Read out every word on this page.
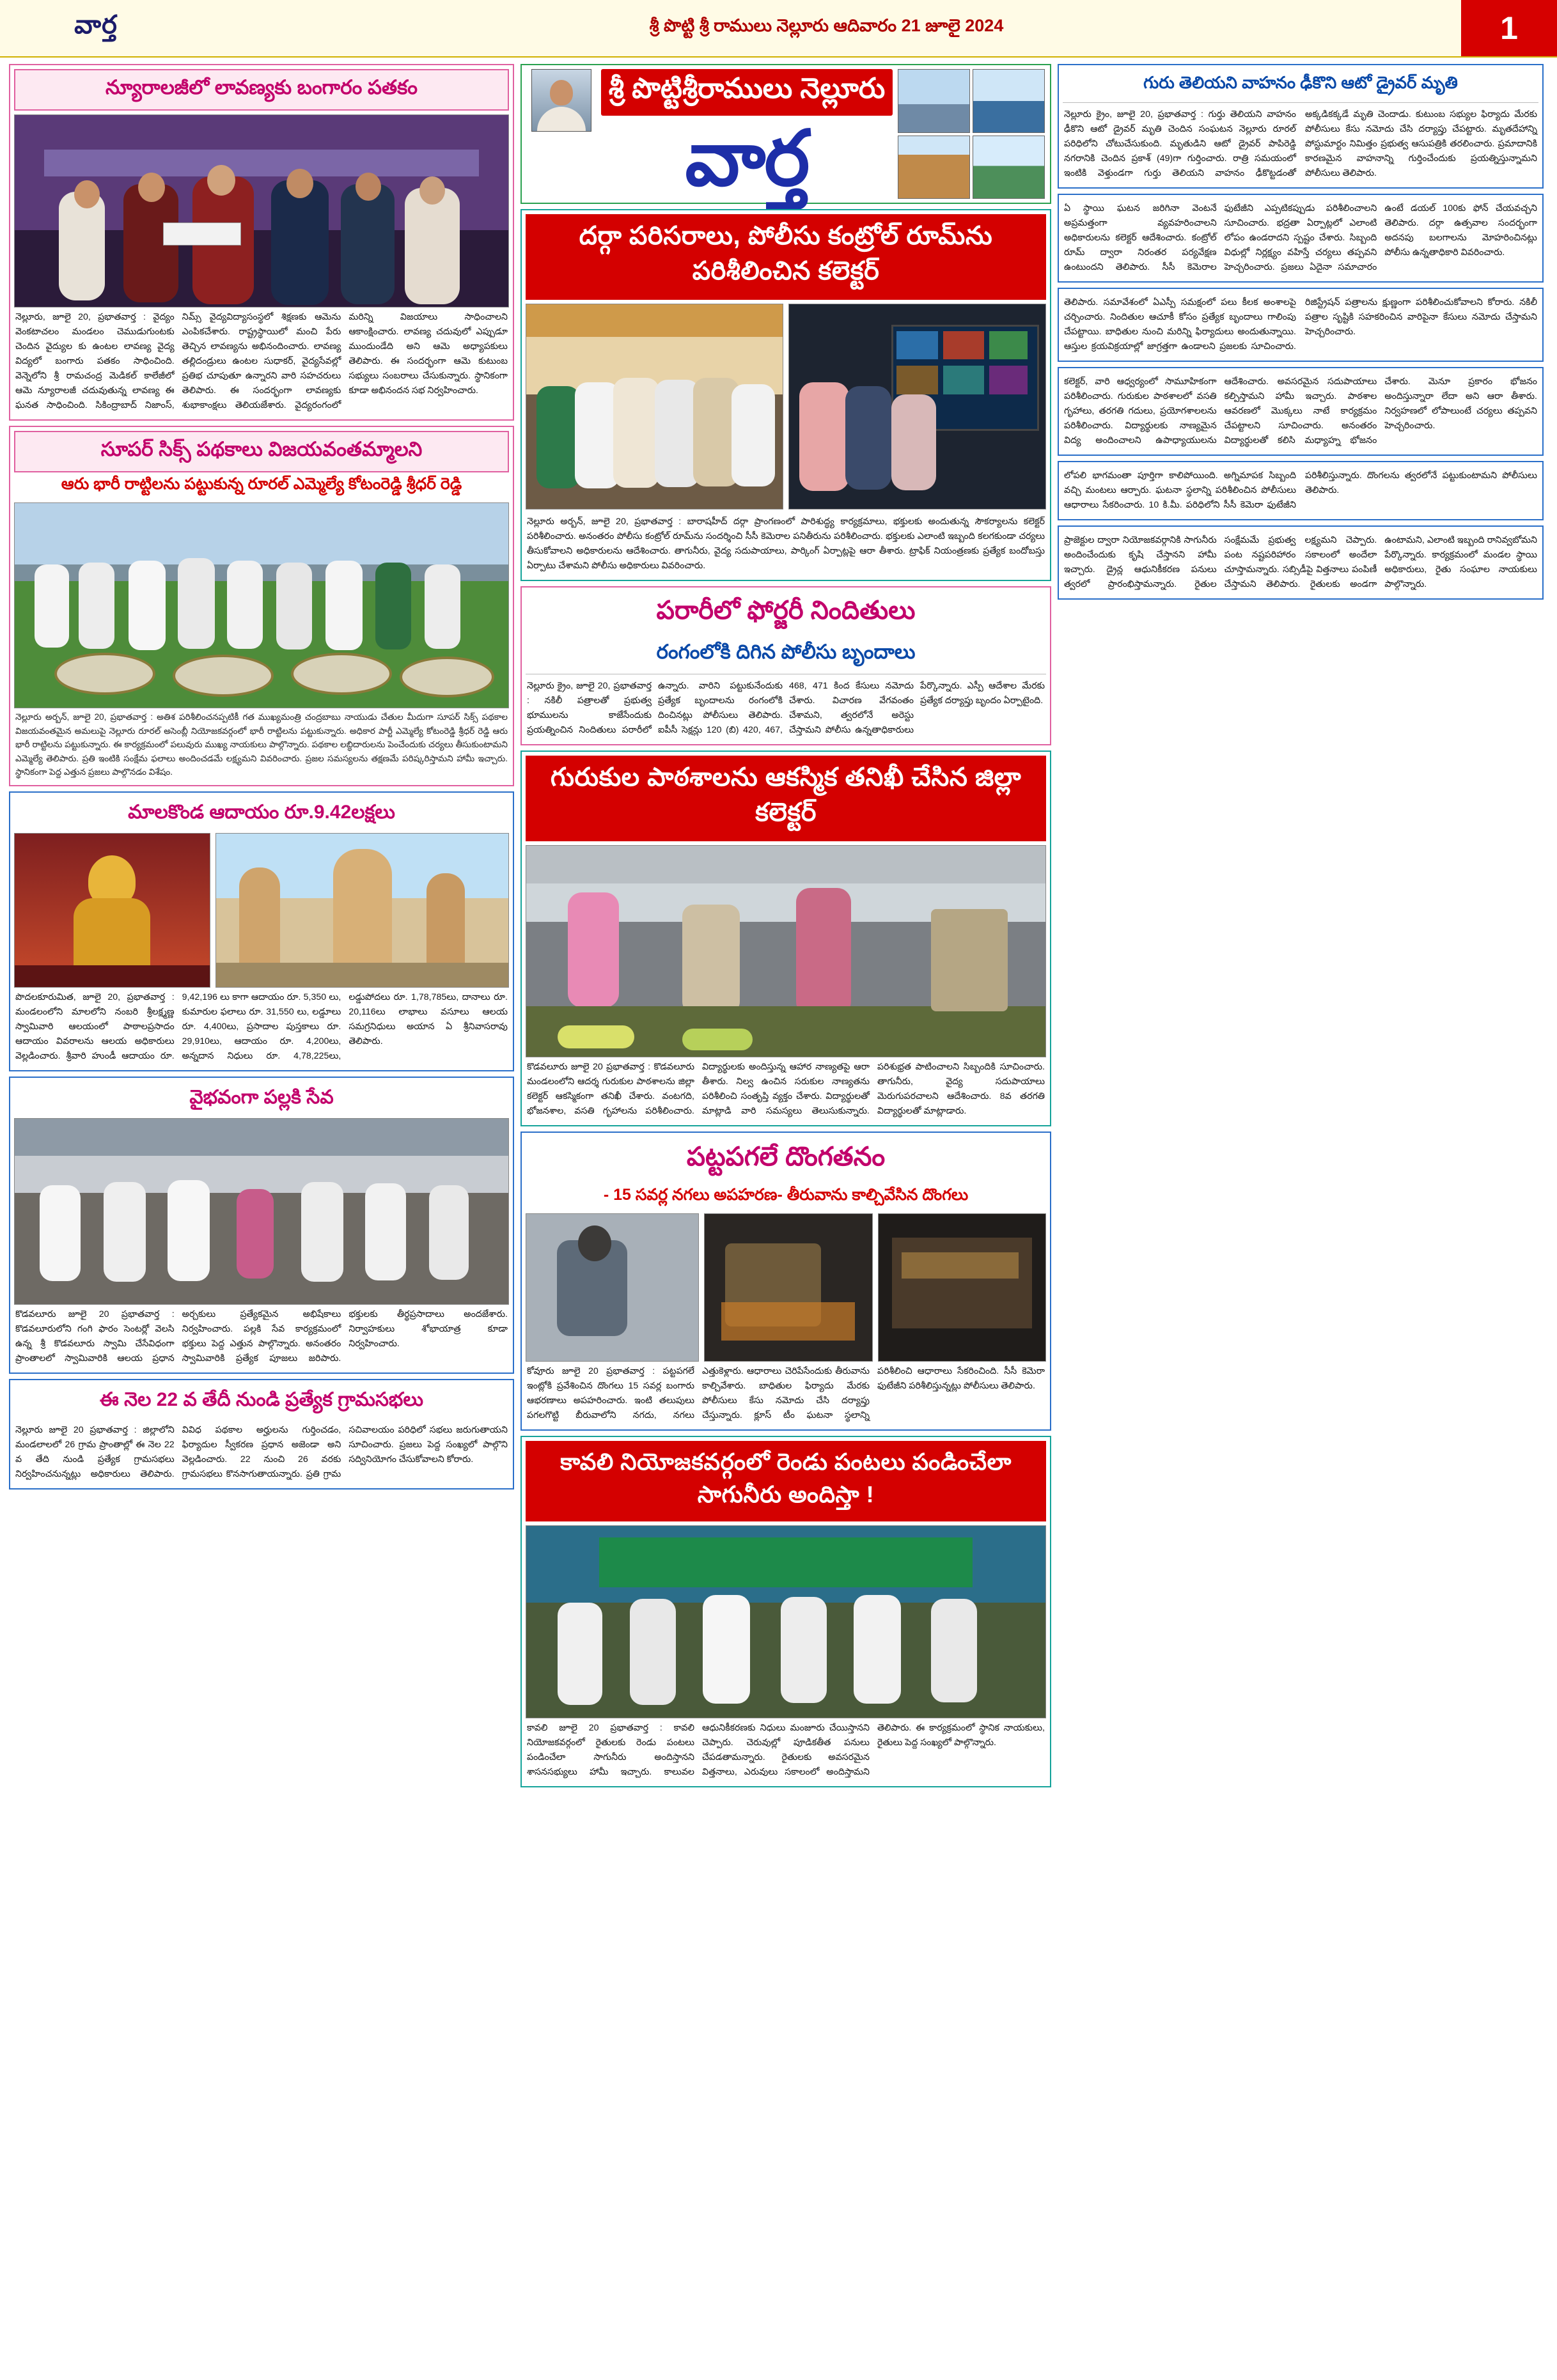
వార్త	శ్రీ పొట్టి శ్రీ రాములు నెల్లూరు ఆదివారం 21 జూలై 2024	1
న్యూరాలజీలో లావణ్యకు బంగారం పతకం
నెల్లూరు, జూలై 20, ప్రభాతవార్త : వైద్యం వెంకటాచలం మండలం చెముడుగుంటకు చెందిన వైద్యుల కు ఉంటల లావణ్య వైద్య విద్యలో బంగారు పతకం సాధించింది. వెన్నెలోని శ్రీ రామచంద్ర మెడికల్ కాలేజీలో ఆమె న్యూరాలజీ చదువుతున్న లావణ్య ఈ ఘనత సాధించింది. సికింద్రాబాద్ నిజాంస్, నిమ్స్ వైద్యవిద్యాసంస్థలో శిక్షణకు ఆమెను ఎంపికచేశారు. రాష్ట్రస్థాయిలో మంచి పేరు తెచ్చిన లావణ్యను అభినందించారు. లావణ్య తల్లిదండ్రులు ఉంటల సుధాకర్, వైద్యసేవల్లో ప్రతిభ చూపుతూ ఉన్నారని వారి సహచరులు తెలిపారు. ఈ సందర్భంగా లావణ్యకు శుభాకాంక్షలు తెలియజేశారు. వైద్యరంగంలో మరిన్ని విజయాలు సాధించాలని ఆకాంక్షించారు. లావణ్య చదువులో ఎప్పుడూ ముందుండేది అని ఆమె అధ్యాపకులు తెలిపారు. ఈ సందర్భంగా ఆమె కుటుంబ సభ్యులు సంబరాలు చేసుకున్నారు. స్థానికంగా కూడా అభినందన సభ నిర్వహించారు.
సూపర్ సిక్స్ పథకాలు విజయవంతమ్మాలని
ఆరు భారీ రాట్టిలను పట్టుకున్న రూరల్ ఎమ్మెల్యే కోటంరెడ్డి శ్రీధర్ రెడ్డి
నెల్లూరు అర్బన్, జూలై 20, ప్రభాతవార్త : అతిశ పరిశీలించనప్పటికీ గత ముఖ్యమంత్రి చంద్రబాబు నాయుడు చేతుల మీదుగా సూపర్ సిక్స్ పథకాల విజయవంతమైన అమలుపై నెల్లూరు రూరల్ అసెంబ్లీ నియోజకవర్గంలో భారీ రాట్టిలను పట్టుకున్నారు. అధికార పార్టీ ఎమ్మెల్యే కోటంరెడ్డి శ్రీధర్ రెడ్డి ఆరు భారీ రాట్టిలను పట్టుకున్నారు. ఈ కార్యక్రమంలో పలువురు ముఖ్య నాయకులు పాల్గొన్నారు. పథకాల లబ్ధిదారులను పెంచేందుకు చర్యలు తీసుకుంటామని ఎమ్మెల్యే తెలిపారు. ప్రతి ఇంటికి సంక్షేమ ఫలాలు అందించడమే లక్ష్యమని వివరించారు. ప్రజల సమస్యలను తక్షణమే పరిష్కరిస్తామని హామీ ఇచ్చారు. స్థానికంగా పెద్ద ఎత్తున ప్రజలు పాల్గొనడం విశేషం.
మాలకొండ ఆదాయం రూ.9.42లక్షలు
పొదలకూరుమిత, జూలై 20, ప్రభాతవార్త : మండలంలోని మాలలోని నంబరి శ్రీలక్ష్మణ్ణ స్వామివారి ఆలయంలో పాఠాలప్రసాదం ఆదాయం వివరాలను ఆలయ అధికారులు వెల్లడించారు. శ్రీవారి హుండీ ఆదాయం రూ. 9,42,196 లు కాగా ఆదాయం రూ. 5,350 లు, కుమారుల ఫలాలు రూ. 31,550 లు, లడ్డూలు రూ. 4,400లు, ప్రసాదాల పుస్తకాలు రూ. 29,910లు, ఆదాయం రూ. 4,200లు, అన్నదాన నిధులు రూ. 4,78,225లు, లడ్డుపోదలు రూ. 1,78,785లు, దానాలు రూ. 20,116లు లాభాలు వసూలు ఆలయ సమగ్రనిధులు అయాన ఏ శ్రీనివాసరావు తెలిపారు.
వైభవంగా పల్లకి సేవ
కొడవలూరు జూలై 20 ప్రభాతవార్త : కొడవలూరులోని గంగి ఫారం సెంటర్లో వెలసి ఉన్న శ్రీ కొడవలూరు స్వామి చేసేవిధంగా ప్రాంతాలలో స్వామివారికి ఆలయ ప్రధాన అర్చకులు ప్రత్యేకమైన అభిషేకాలు నిర్వహించారు. పల్లకి సేవ కార్యక్రమంలో భక్తులు పెద్ద ఎత్తున పాల్గొన్నారు. అనంతరం స్వామివారికి ప్రత్యేక పూజలు జరిపారు. భక్తులకు తీర్థప్రసాదాలు అందజేశారు. నిర్వాహకులు శోభాయాత్ర కూడా నిర్వహించారు.
ఈ నెల 22 వ తేదీ నుండి ప్రత్యేక గ్రామసభలు
నెల్లూరు జూలై 20 ప్రభాతవార్త : జిల్లాలోని మండలాలలో 26 గ్రామ ప్రాంతాల్లో ఈ నెల 22 వ తేది నుండి ప్రత్యేక గ్రామసభలు నిర్వహించనున్నట్లు అధికారులు తెలిపారు. వివిధ పథకాల అర్హులను గుర్తించడం, ఫిర్యాదుల స్వీకరణ ప్రధాన అజెండా అని వెల్లడించారు. 22 నుంచి 26 వరకు గ్రామసభలు కొనసాగుతాయన్నారు. ప్రతి గ్రామ సచివాలయం పరిధిలో సభలు జరుగుతాయని సూచించారు. ప్రజలు పెద్ద సంఖ్యలో పాల్గొని సద్వినియోగం చేసుకోవాలని కోరారు.
శ్రీ పొట్టిశ్రీరాములు నెల్లూరు
వార్త
దర్గా పరిసరాలు, పోలీసు కంట్రోల్ రూమ్‌ను పరిశీలించిన కలెక్టర్
నెల్లూరు అర్బన్, జూలై 20, ప్రభాతవార్త : బారాషహీద్ దర్గా ప్రాంగణంలో పారిశుద్ధ్య కార్యక్రమాలు, భక్తులకు అందుతున్న సౌకర్యాలను కలెక్టర్ పరిశీలించారు. అనంతరం పోలీసు కంట్రోల్ రూమ్‌ను సందర్శించి సీసీ కెమెరాల పనితీరును పరిశీలించారు. భక్తులకు ఎలాంటి ఇబ్బంది కలగకుండా చర్యలు తీసుకోవాలని అధికారులను ఆదేశించారు. తాగునీరు, వైద్య సదుపాయాలు, పార్కింగ్ ఏర్పాట్లపై ఆరా తీశారు. ట్రాఫిక్ నియంత్రణకు ప్రత్యేక బందోబస్తు ఏర్పాటు చేశామని పోలీసు అధికారులు వివరించారు.
పరారీలో ఫోర్జరీ నిందితులు
రంగంలోకి దిగిన పోలీసు బృందాలు
నెల్లూరు క్రైం, జూలై 20, ప్రభాతవార్త : నకిలీ పత్రాలతో ప్రభుత్వ భూములను కాజేసేందుకు ప్రయత్నించిన నిందితులు పరారీలో ఉన్నారు. వారిని పట్టుకునేందుకు ప్రత్యేక బృందాలను రంగంలోకి దించినట్లు పోలీసులు తెలిపారు. ఐపీసీ సెక్షన్లు 120 (బి) 420, 467, 468, 471 కింద కేసులు నమోదు చేశారు. విచారణ వేగవంతం చేశామని, త్వరలోనే అరెస్టు చేస్తామని పోలీసు ఉన్నతాధికారులు పేర్కొన్నారు. ఎస్పీ ఆదేశాల మేరకు ప్రత్యేక దర్యాప్తు బృందం ఏర్పాటైంది.
గురుకుల పాఠశాలను ఆకస్మిక తనిఖీ చేసిన జిల్లా కలెక్టర్
కొడవలూరు జూలై 20 ప్రభాతవార్త : కొడవలూరు మండలంలోని ఆదర్శ గురుకుల పాఠశాలను జిల్లా కలెక్టర్ ఆకస్మికంగా తనిఖీ చేశారు. వంటగది, భోజనశాల, వసతి గృహాలను పరిశీలించారు. విద్యార్థులకు అందిస్తున్న ఆహార నాణ్యతపై ఆరా తీశారు. నిల్వ ఉంచిన సరుకుల నాణ్యతను పరిశీలించి సంతృప్తి వ్యక్తం చేశారు. విద్యార్థులతో మాట్లాడి వారి సమస్యలు తెలుసుకున్నారు. పరిశుభ్రత పాటించాలని సిబ్బందికి సూచించారు. తాగునీరు, వైద్య సదుపాయాలు మెరుగుపరచాలని ఆదేశించారు. 8వ తరగతి విద్యార్థులతో మాట్లాడారు.
పట్టపగలే దొంగతనం
- 15 సవర్ల నగలు అపహరణ- తీరువాను కాల్చివేసిన దొంగలు
కోవూరు జూలై 20 ప్రభాతవార్త : పట్టపగలే ఇంట్లోకి ప్రవేశించిన దొంగలు 15 సవర్ల బంగారు ఆభరణాలు అపహరించారు. ఇంటి తలుపులు పగలగొట్టి బీరువాలోని నగదు, నగలు ఎత్తుకెళ్లారు. ఆధారాలు చెరిపేసేందుకు తీరువాను కాల్చివేశారు. బాధితుల ఫిర్యాదు మేరకు పోలీసులు కేసు నమోదు చేసి దర్యాప్తు చేస్తున్నారు. క్లూస్ టీం ఘటనా స్థలాన్ని పరిశీలించి ఆధారాలు సేకరించింది. సీసీ కెమెరా ఫుటేజీని పరిశీలిస్తున్నట్లు పోలీసులు తెలిపారు.
కావలి నియోజకవర్గంలో రెండు పంటలు పండించేలా సాగునీరు అందిస్తా !
కావలి జూలై 20 ప్రభాతవార్త : కావలి నియోజకవర్గంలో రైతులకు రెండు పంటలు పండించేలా సాగునీరు అందిస్తానని శాసనసభ్యులు హామీ ఇచ్చారు. కాలువల ఆధునికీకరణకు నిధులు మంజూరు చేయిస్తానని చెప్పారు. చెరువుల్లో పూడికతీత పనులు చేపడతామన్నారు. రైతులకు అవసరమైన విత్తనాలు, ఎరువులు సకాలంలో అందిస్తామని తెలిపారు. ఈ కార్యక్రమంలో స్థానిక నాయకులు, రైతులు పెద్ద సంఖ్యలో పాల్గొన్నారు.
గురు తెలియని వాహనం ఢీకొని ఆటో డ్రైవర్ మృతి
నెల్లూరు క్రైం, జూలై 20, ప్రభాతవార్త : గుర్తు తెలియని వాహనం ఢీకొని ఆటో డ్రైవర్ మృతి చెందిన సంఘటన నెల్లూరు రూరల్ పరిధిలోని చోటుచేసుకుంది. మృతుడిని ఆటో డ్రైవర్ పాపిరెడ్డి నగరానికి చెందిన ప్రకాశ్ (49)గా గుర్తించారు. రాత్రి సమయంలో ఇంటికి వెళ్తుండగా గుర్తు తెలియని వాహనం ఢీకొట్టడంతో అక్కడికక్కడే మృతి చెందాడు. కుటుంబ సభ్యుల ఫిర్యాదు మేరకు పోలీసులు కేసు నమోదు చేసి దర్యాప్తు చేపట్టారు. మృతదేహాన్ని పోస్టుమార్టం నిమిత్తం ప్రభుత్వ ఆసుపత్రికి తరలించారు. ప్రమాదానికి కారణమైన వాహనాన్ని గుర్తించేందుకు ప్రయత్నిస్తున్నామని పోలీసులు తెలిపారు.
ఏ స్థాయి ఘటన జరిగినా వెంటనే అప్రమత్తంగా వ్యవహరించాలని అధికారులను కలెక్టర్ ఆదేశించారు. కంట్రోల్ రూమ్ ద్వారా నిరంతర పర్యవేక్షణ ఉంటుందని తెలిపారు. సీసీ కెమెరాల ఫుటేజీని ఎప్పటికప్పుడు పరిశీలించాలని సూచించారు. భద్రతా ఏర్పాట్లలో ఎలాంటి లోపం ఉండరాదని స్పష్టం చేశారు. సిబ్బంది విధుల్లో నిర్లక్ష్యం వహిస్తే చర్యలు తప్పవని హెచ్చరించారు. ప్రజలు ఏదైనా సమాచారం ఉంటే డయల్ 100కు ఫోన్ చేయవచ్చని తెలిపారు. దర్గా ఉత్సవాల సందర్భంగా అదనపు బలగాలను మోహరించినట్లు పోలీసు ఉన్నతాధికారి వివరించారు.
తెలిపారు. సమావేశంలో ఏఎస్పీ సమక్షంలో పలు కీలక అంశాలపై చర్చించారు. నిందితుల ఆచూకీ కోసం ప్రత్యేక బృందాలు గాలింపు చేపట్టాయి. బాధితుల నుంచి మరిన్ని ఫిర్యాదులు అందుతున్నాయి. ఆస్తుల క్రయవిక్రయాల్లో జాగ్రత్తగా ఉండాలని ప్రజలకు సూచించారు. రిజిస్ట్రేషన్ పత్రాలను క్షుణ్ణంగా పరిశీలించుకోవాలని కోరారు. నకిలీ పత్రాల సృష్టికి సహకరించిన వారిపైనా కేసులు నమోదు చేస్తామని హెచ్చరించారు.
కలెక్టర్, వారి ఆధ్వర్యంలో సామూహికంగా పరిశీలించారు. గురుకుల పాఠశాలలో వసతి గృహాలు, తరగతి గదులు, ప్రయోగశాలలను పరిశీలించారు. విద్యార్థులకు నాణ్యమైన విద్య అందించాలని ఉపాధ్యాయులను ఆదేశించారు. అవసరమైన సదుపాయాలు కల్పిస్తామని హామీ ఇచ్చారు. పాఠశాల ఆవరణలో మొక్కలు నాటే కార్యక్రమం చేపట్టాలని సూచించారు. అనంతరం విద్యార్థులతో కలిసి మధ్యాహ్న భోజనం చేశారు. మెనూ ప్రకారం భోజనం అందిస్తున్నారా లేదా అని ఆరా తీశారు. నిర్వహణలో లోపాలుంటే చర్యలు తప్పవని హెచ్చరించారు.
లోపలి భాగమంతా పూర్తిగా కాలిపోయింది. అగ్నిమాపక సిబ్బంది వచ్చి మంటలు ఆర్పారు. ఘటనా స్థలాన్ని పరిశీలించిన పోలీసులు ఆధారాలు సేకరించారు. 10 కి.మీ. పరిధిలోని సీసీ కెమెరా ఫుటేజీని పరిశీలిస్తున్నారు. దొంగలను త్వరలోనే పట్టుకుంటామని పోలీసులు తెలిపారు.
ప్రాజెక్టుల ద్వారా నియోజకవర్గానికి సాగునీరు అందించేందుకు కృషి చేస్తానని హామీ ఇచ్చారు. డ్రైన్ల ఆధునికీకరణ పనులు త్వరలో ప్రారంభిస్తామన్నారు. రైతుల సంక్షేమమే ప్రభుత్వ లక్ష్యమని చెప్పారు. పంట నష్టపరిహారం సకాలంలో అందేలా చూస్తామన్నారు. సబ్సిడీపై విత్తనాలు పంపిణీ చేస్తామని తెలిపారు. రైతులకు అండగా ఉంటామని, ఎలాంటి ఇబ్బంది రానివ్వబోమని పేర్కొన్నారు. కార్యక్రమంలో మండల స్థాయి అధికారులు, రైతు సంఘాల నాయకులు పాల్గొన్నారు.
